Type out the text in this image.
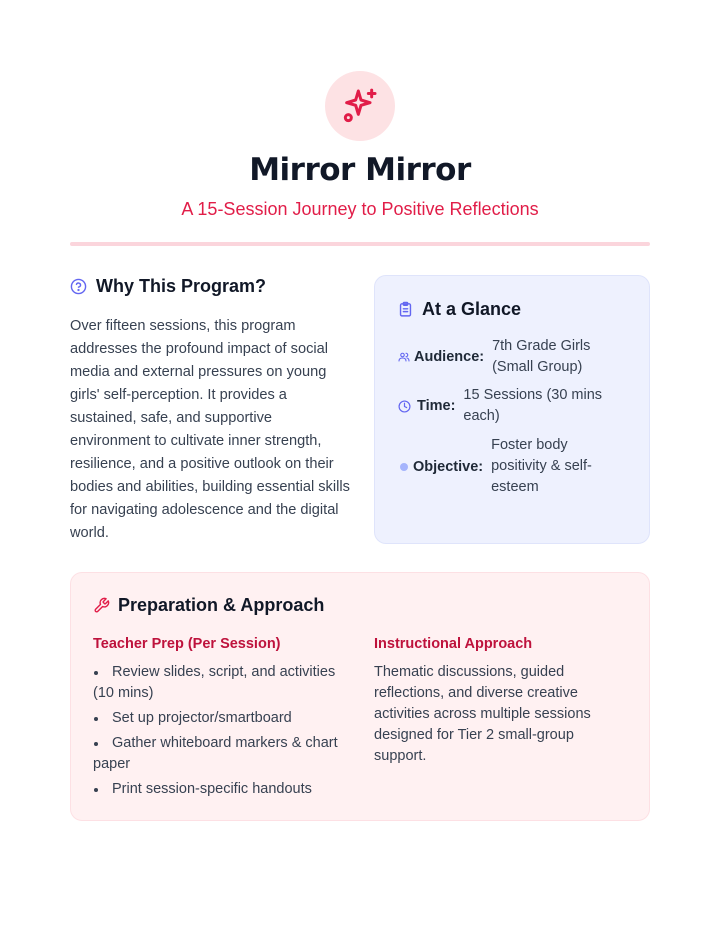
Mirror Mirror
A 15-Session Journey to Positive Reflections
Why This Program?
Over fifteen sessions, this program addresses the profound impact of social media and external pressures on young girls' self-perception. It provides a sustained, safe, and supportive environment to cultivate inner strength, resilience, and a positive outlook on their bodies and abilities, building essential skills for navigating adolescence and the digital world.
At a Glance
Audience:
7th Grade Girls (Small Group)
Time:
15 Sessions (30 mins each)
Objective:
Foster body positivity & self-esteem
Preparation & Approach
Teacher Prep (Per Session)
Review slides, script, and activities (10 mins)
Set up projector/smartboard
Gather whiteboard markers & chart paper
Print session-specific handouts
Instructional Approach
Thematic discussions, guided reflections, and diverse creative activities across multiple sessions designed for Tier 2 small-group support.
